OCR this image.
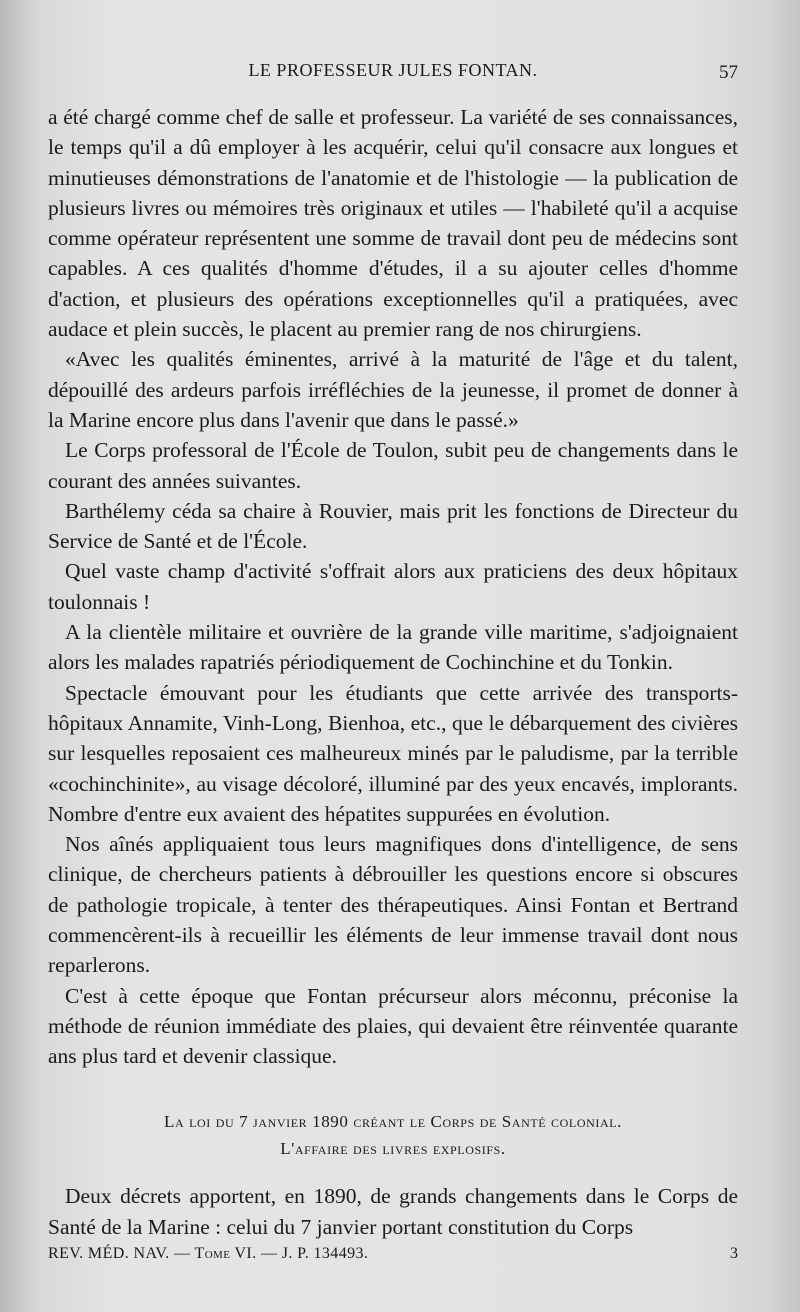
LE PROFESSEUR JULES FONTAN.	57

a été chargé comme chef de salle et professeur. La variété de ses connaissances, le temps qu'il a dû employer à les acquérir, celui qu'il consacre aux longues et minutieuses démonstrations de l'anatomie et de l'histologie — la publication de plusieurs livres ou mémoires très originaux et utiles — l'habileté qu'il a acquise comme opérateur représentent une somme de travail dont peu de médecins sont capables. A ces qualités d'homme d'études, il a su ajouter celles d'homme d'action, et plusieurs des opérations exceptionnelles qu'il a pratiquées, avec audace et plein succès, le placent au premier rang de nos chirurgiens.

«Avec les qualités éminentes, arrivé à la maturité de l'âge et du talent, dépouillé des ardeurs parfois irréfléchies de la jeunesse, il promet de donner à la Marine encore plus dans l'avenir que dans le passé.»

Le Corps professoral de l'École de Toulon, subit peu de changements dans le courant des années suivantes.

Barthélemy céda sa chaire à Rouvier, mais prit les fonctions de Directeur du Service de Santé et de l'École.

Quel vaste champ d'activité s'offrait alors aux praticiens des deux hôpitaux toulonnais !

A la clientèle militaire et ouvrière de la grande ville maritime, s'adjoignaient alors les malades rapatriés périodiquement de Cochinchine et du Tonkin.

Spectacle émouvant pour les étudiants que cette arrivée des transports-hôpitaux Annamite, Vinh-Long, Bienhoa, etc., que le débarquement des civières sur lesquelles reposaient ces malheureux minés par le paludisme, par la terrible «cochinchinite», au visage décoloré, illuminé par des yeux encavés, implorants. Nombre d'entre eux avaient des hépatites suppurées en évolution.

Nos aînés appliquaient tous leurs magnifiques dons d'intelligence, de sens clinique, de chercheurs patients à débrouiller les questions encore si obscures de pathologie tropicale, à tenter des thérapeutiques. Ainsi Fontan et Bertrand commencèrent-ils à recueillir les éléments de leur immense travail dont nous reparlerons.

C'est à cette époque que Fontan précurseur alors méconnu, préconise la méthode de réunion immédiate des plaies, qui devaient être réinventée quarante ans plus tard et devenir classique.

La loi du 7 janvier 1890 créant le Corps de Santé colonial.
L'affaire des livres explosifs.

Deux décrets apportent, en 1890, de grands changements dans le Corps de Santé de la Marine : celui du 7 janvier portant constitution du Corps

REV. MÉD. NAV. — Tome VI. — J. P. 134493.	3
